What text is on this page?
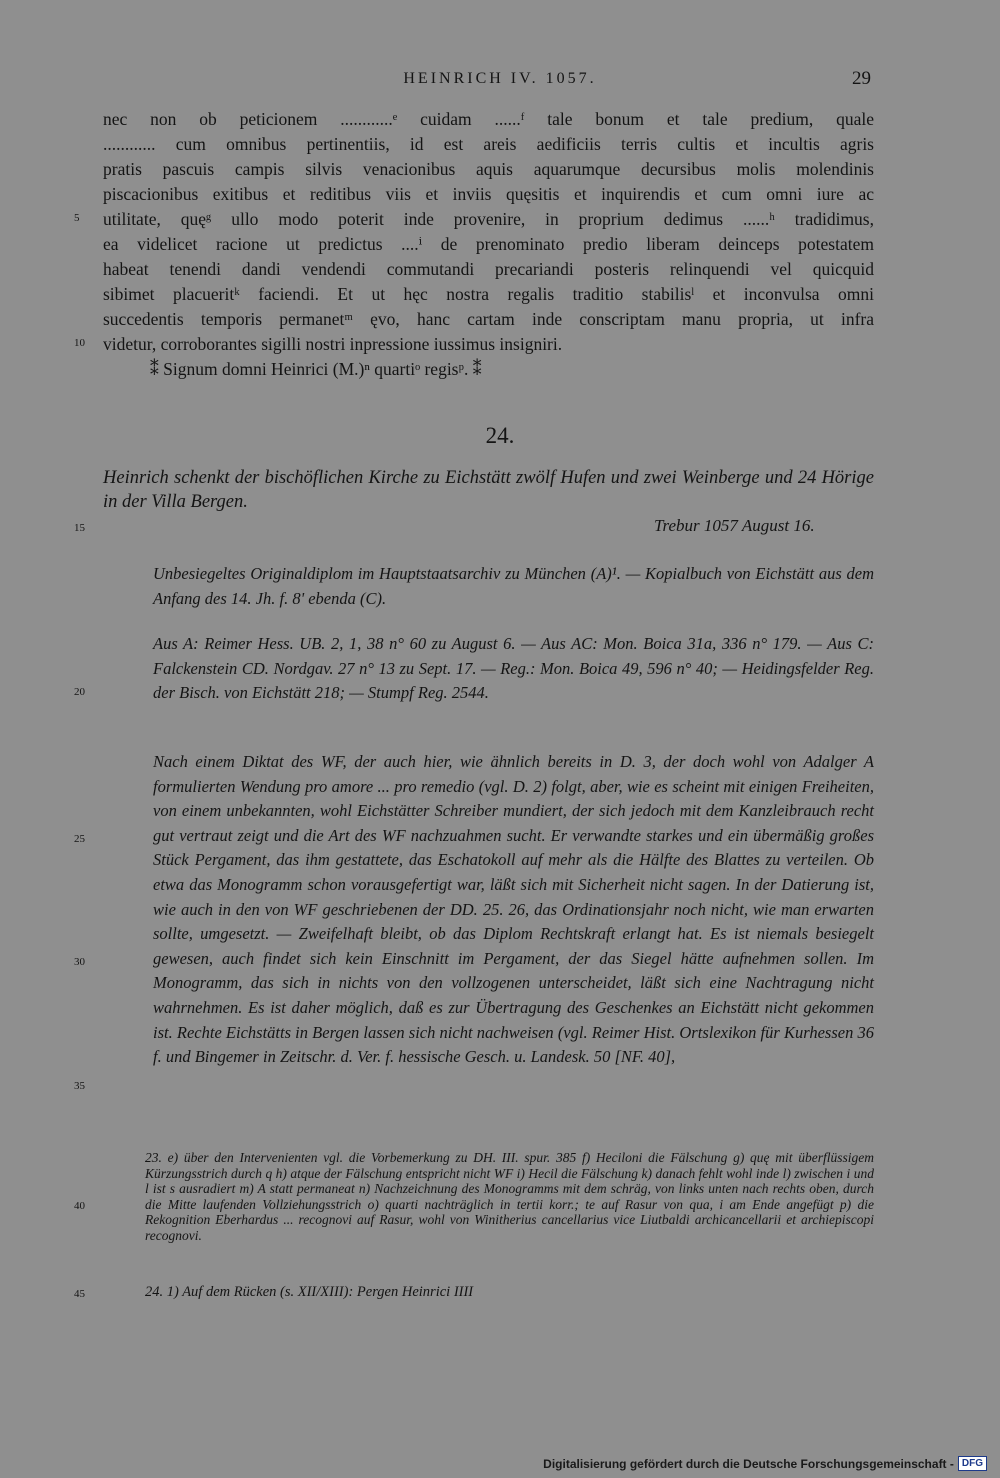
HEINRICH IV. 1057.	29
nec non ob peticionem ............ᵉ cuidam ......ᶠ tale bonum et tale predium, quale
............ cum omnibus pertinentiis, id est areis aedificiis terris cultis et incultis agris
pratis pascuis campis silvis venacionibus aquis aquarumque decursibus molis molendinis
piscacionibus exitibus et reditibus viis et inviis quęsitis et inquirendis et cum omni iure ac
utilitate, quęᵍ ullo modo poterit inde provenire, in proprium dedimus ......ʰ tradidimus,
ea videlicet racione ut predictus ....ⁱ de prenominato predio liberam deinceps potestatem
habeat tenendi dandi vendendi commutandi precariandi posteris relinquendi vel quicquid
sibimet placueritᵏ faciendi. Et ut hęc nostra regalis traditio stabilisˡ et inconvulsa omni
succedentis temporis permanetᵐ ęvo, hanc cartam inde conscriptam manu propria, ut infra
videtur, corroborantes sigilli nostri inpressione iussimus insigniri.
⁑ Signum domni Heinrici (M.)ⁿ quartiᵒ regisᵖ. ⁑
5
10
15
20
25
30
35
40
45
24.
Heinrich schenkt der bischöflichen Kirche zu Eichstätt zwölf Hufen und zwei Weinberge und 24 Hörige in der Villa Bergen.
Trebur 1057 August 16.
Unbesiegeltes Originaldiplom im Hauptstaatsarchiv zu München (A)¹. — Kopialbuch von Eichstätt aus dem Anfang des 14. Jh. f. 8ʹ ebenda (C).
Aus A: Reimer Hess. UB. 2, 1, 38 n° 60 zu August 6. — Aus AC: Mon. Boica 31a, 336 n° 179. — Aus C: Falckenstein CD. Nordgav. 27 n° 13 zu Sept. 17. — Reg.: Mon. Boica 49, 596 n° 40; — Heidingsfelder Reg. der Bisch. von Eichstätt 218; — Stumpf Reg. 2544.
Nach einem Diktat des WF, der auch hier, wie ähnlich bereits in D. 3, der doch wohl von Adalger A formulierten Wendung pro amore ... pro remedio (vgl. D. 2) folgt, aber, wie es scheint mit einigen Freiheiten, von einem unbekannten, wohl Eichstätter Schreiber mundiert, der sich jedoch mit dem Kanzleibrauch recht gut vertraut zeigt und die Art des WF nachzuahmen sucht. Er verwandte starkes und ein übermäßig großes Stück Pergament, das ihm gestattete, das Eschatokoll auf mehr als die Hälfte des Blattes zu verteilen. Ob etwa das Monogramm schon vorausgefertigt war, läßt sich mit Sicherheit nicht sagen. In der Datierung ist, wie auch in den von WF geschriebenen der DD. 25. 26, das Ordinationsjahr noch nicht, wie man erwarten sollte, umgesetzt. — Zweifelhaft bleibt, ob das Diplom Rechtskraft erlangt hat. Es ist niemals besiegelt gewesen, auch findet sich kein Einschnitt im Pergament, der das Siegel hätte aufnehmen sollen. Im Monogramm, das sich in nichts von den vollzogenen unterscheidet, läßt sich eine Nachtragung nicht wahrnehmen. Es ist daher möglich, daß es zur Übertragung des Geschenkes an Eichstätt nicht gekommen ist. Rechte Eichstätts in Bergen lassen sich nicht nachweisen (vgl. Reimer Hist. Ortslexikon für Kurhessen 36 f. und Bingemer in Zeitschr. d. Ver. f. hessische Gesch. u. Landesk. 50 [NF. 40],
23. e) über den Intervenienten vgl. die Vorbemerkung zu DH. III. spur. 385 f) Heciloni die Fälschung g) quę mit überflüssigem Kürzungsstrich durch q h) atque der Fälschung entspricht nicht WF i) Hecil die Fälschung k) danach fehlt wohl inde l) zwischen i und l ist s ausradiert m) A statt permaneat n) Nachzeichnung des Monogramms mit dem schräg, von links unten nach rechts oben, durch die Mitte laufenden Vollziehungsstrich o) quarti nachträglich in tertii korr.; te auf Rasur von qua, i am Ende angefügt p) die Rekognition Eberhardus ... recognovi auf Rasur, wohl von Winitherius cancellarius vice Liutbaldi archicancellarii et archiepiscopi recognovi.
24. 1) Auf dem Rücken (s. XII/XIII): Pergen Heinrici IIII
Digitalisierung gefördert durch die Deutsche Forschungsgemeinschaft - DFG
